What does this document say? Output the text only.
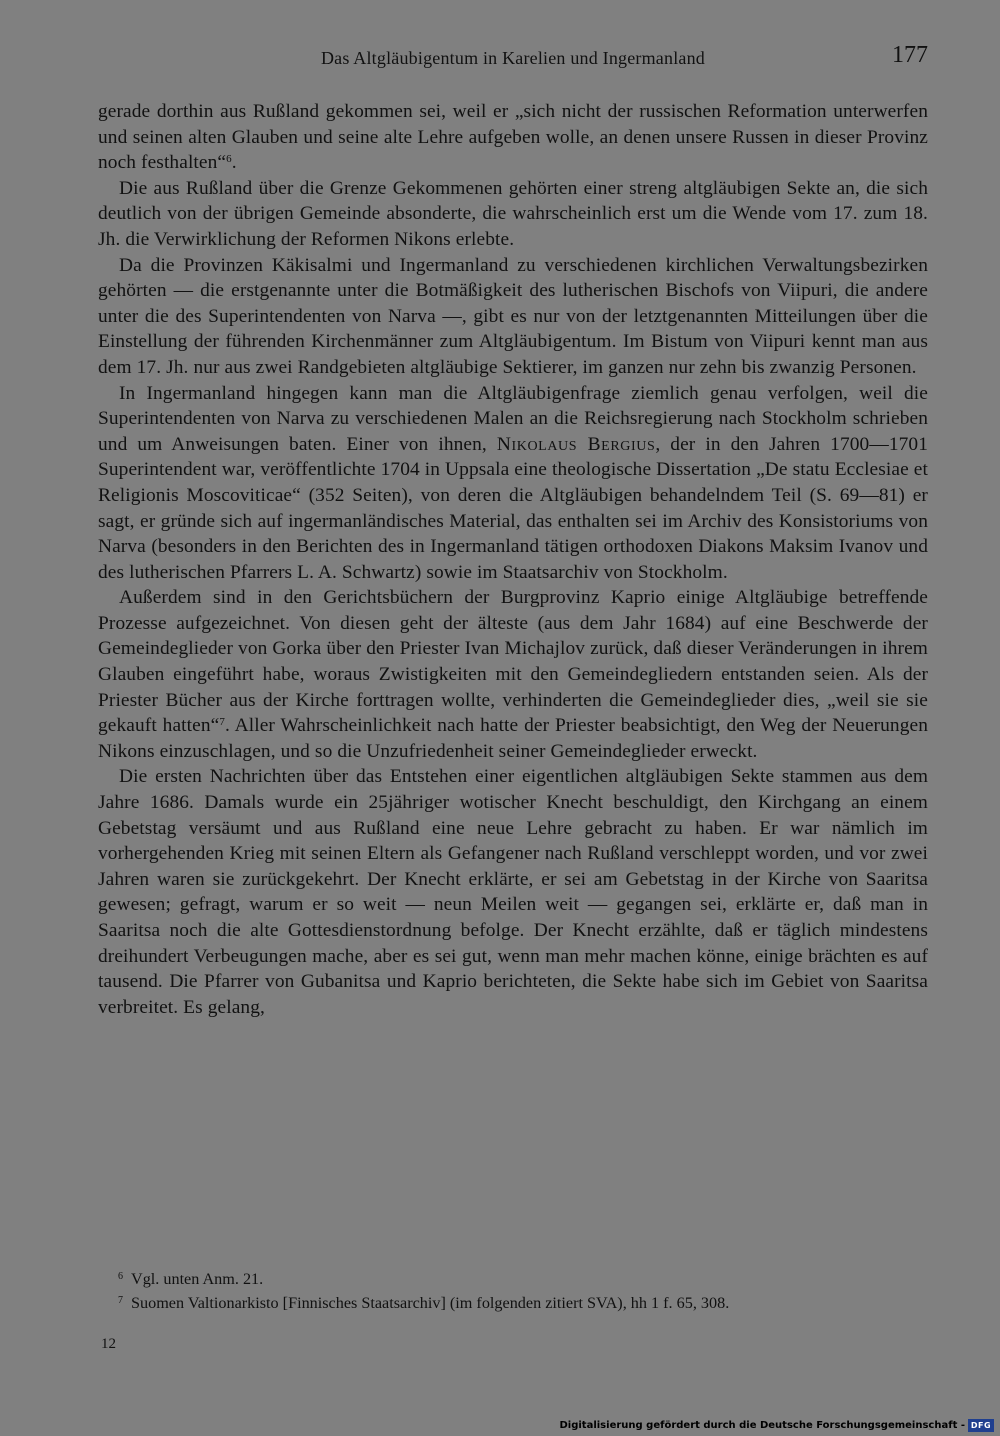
Das Altgläubigentum in Karelien und Ingermanland	177

gerade dorthin aus Rußland gekommen sei, weil er „sich nicht der russischen Reformation unterwerfen und seinen alten Glauben und seine alte Lehre aufgeben wolle, an denen unsere Russen in dieser Provinz noch festhalten“$^6$.

Die aus Rußland über die Grenze Gekommenen gehörten einer streng altgläubigen Sekte an, die sich deutlich von der übrigen Gemeinde absonderte, die wahrscheinlich erst um die Wende vom 17. zum 18. Jh. die Verwirklichung der Reformen Nikons erlebte.

Da die Provinzen Käkisalmi und Ingermanland zu verschiedenen kirchlichen Verwaltungsbezirken gehörten — die erstgenannte unter die Botmäßigkeit des lutherischen Bischofs von Viipuri, die andere unter die des Superintendenten von Narva —, gibt es nur von der letztgenannten Mitteilungen über die Einstellung der führenden Kirchenmänner zum Altgläubigentum. Im Bistum von Viipuri kennt man aus dem 17. Jh. nur aus zwei Randgebieten altgläubige Sektierer, im ganzen nur zehn bis zwanzig Personen.

In Ingermanland hingegen kann man die Altgläubigenfrage ziemlich genau verfolgen, weil die Superintendenten von Narva zu verschiedenen Malen an die Reichsregierung nach Stockholm schrieben und um Anweisungen baten. Einer von ihnen, Nikolaus Bergius, der in den Jahren 1700—1701 Superintendent war, veröffentlichte 1704 in Uppsala eine theologische Dissertation „De statu Ecclesiae et Religionis Moscoviticae“ (352 Seiten), von deren die Altgläubigen behandelndem Teil (S. 69—81) er sagt, er gründe sich auf ingermanländisches Material, das enthalten sei im Archiv des Konsistoriums von Narva (besonders in den Berichten des in Ingermanland tätigen orthodoxen Diakons Maksim Ivanov und des lutherischen Pfarrers L. A. Schwartz) sowie im Staatsarchiv von Stockholm.

Außerdem sind in den Gerichtsbüchern der Burgprovinz Kaprio einige Altgläubige betreffende Prozesse aufgezeichnet. Von diesen geht der älteste (aus dem Jahr 1684) auf eine Beschwerde der Gemeindeglieder von Gorka über den Priester Ivan Michajlov zurück, daß dieser Veränderungen in ihrem Glauben eingeführt habe, woraus Zwistigkeiten mit den Gemeindegliedern entstanden seien. Als der Priester Bücher aus der Kirche forttragen wollte, verhinderten die Gemeindeglieder dies, „weil sie sie gekauft hatten“$^7$. Aller Wahrscheinlichkeit nach hatte der Priester beabsichtigt, den Weg der Neuerungen Nikons einzuschlagen, und so die Unzufriedenheit seiner Gemeindeglieder erweckt.

Die ersten Nachrichten über das Entstehen einer eigentlichen altgläubigen Sekte stammen aus dem Jahre 1686. Damals wurde ein 25jähriger wotischer Knecht beschuldigt, den Kirchgang an einem Gebetstag versäumt und aus Rußland eine neue Lehre gebracht zu haben. Er war nämlich im vorhergehenden Krieg mit seinen Eltern als Gefangener nach Rußland verschleppt worden, und vor zwei Jahren waren sie zurückgekehrt. Der Knecht erklärte, er sei am Gebetstag in der Kirche von Saaritsa gewesen; gefragt, warum er so weit — neun Meilen weit — gegangen sei, erklärte er, daß man in Saaritsa noch die alte Gottesdienstordnung befolge. Der Knecht erzählte, daß er täglich mindestens dreihundert Verbeugungen mache, aber es sei gut, wenn man mehr machen könne, einige brächten es auf tausend. Die Pfarrer von Gubanitsa und Kaprio berichteten, die Sekte habe sich im Gebiet von Saaritsa verbreitet. Es gelang,

$^6$ Vgl. unten Anm. 21.

$^7$ Suomen Valtionarkisto [Finnisches Staatsarchiv] (im folgenden zitiert SVA), hh 1 f. 65, 308.

12
Digitalisierung gefördert durch die Deutsche Forschungsgemeinschaft - DFG
